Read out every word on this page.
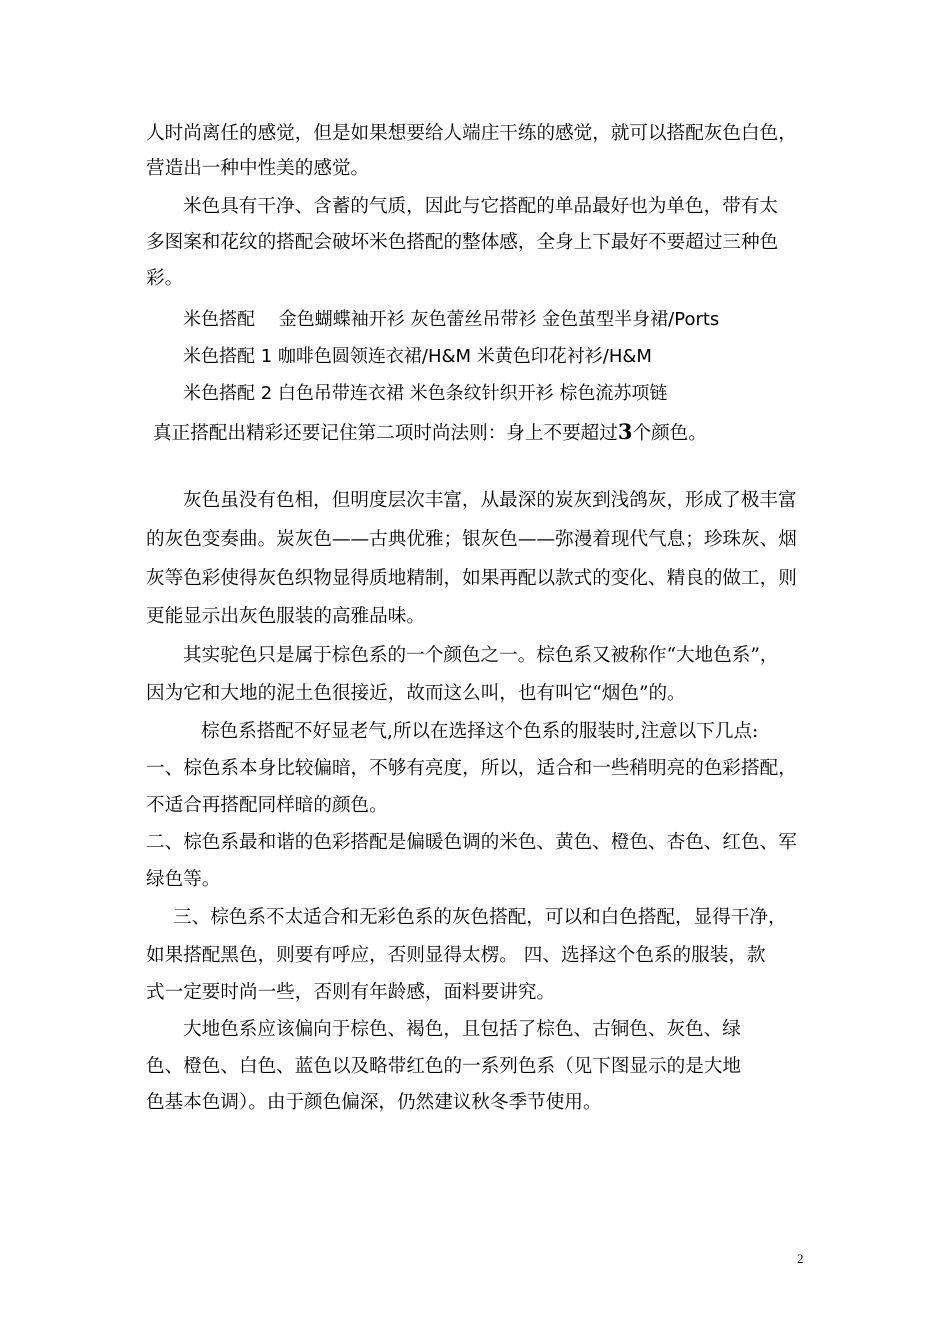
人时尚离任的感觉，但是如果想要给人端庄干练的感觉，就可以搭配灰色白色，
营造出一种中性美的感觉。
米色具有干净、含蓄的气质，因此与它搭配的单品最好也为单色，带有太
多图案和花纹的搭配会破坏米色搭配的整体感，全身上下最好不要超过三种色
彩。
米色搭配　 金色蝴蝶袖开衫 灰色蕾丝吊带衫 金色茧型半身裙/Ports
米色搭配 1 咖啡色圆领连衣裙/H&M 米黄色印花衬衫/H&M
米色搭配 2 白色吊带连衣裙 米色条纹针织开衫 棕色流苏项链
真正搭配出精彩还要记住第二项时尚法则：身上不要超过3个颜色。
灰色虽没有色相，但明度层次丰富，从最深的炭灰到浅鸽灰，形成了极丰富
的灰色变奏曲。炭灰色——古典优雅；银灰色——弥漫着现代气息；珍珠灰、烟
灰等色彩使得灰色织物显得质地精制，如果再配以款式的变化、精良的做工，则
更能显示出灰色服装的高雅品味。
其实驼色只是属于棕色系的一个颜色之一。棕色系又被称作“大地色系”，
因为它和大地的泥土色很接近，故而这么叫，也有叫它“烟色”的。
棕色系搭配不好显老气,所以在选择这个色系的服装时,注意以下几点:
一、棕色系本身比较偏暗，不够有亮度，所以，适合和一些稍明亮的色彩搭配，
不适合再搭配同样暗的颜色。
二、棕色系最和谐的色彩搭配是偏暖色调的米色、黄色、橙色、杏色、红色、军
绿色等。
三、棕色系不太适合和无彩色系的灰色搭配，可以和白色搭配，显得干净，
如果搭配黑色，则要有呼应，否则显得太楞。 四、选择这个色系的服装，款
式一定要时尚一些，否则有年龄感，面料要讲究。
大地色系应该偏向于棕色、褐色，且包括了棕色、古铜色、灰色、绿
色、橙色、白色、蓝色以及略带红色的一系列色系（见下图显示的是大地
色基本色调）。由于颜色偏深，仍然建议秋冬季节使用。
2
